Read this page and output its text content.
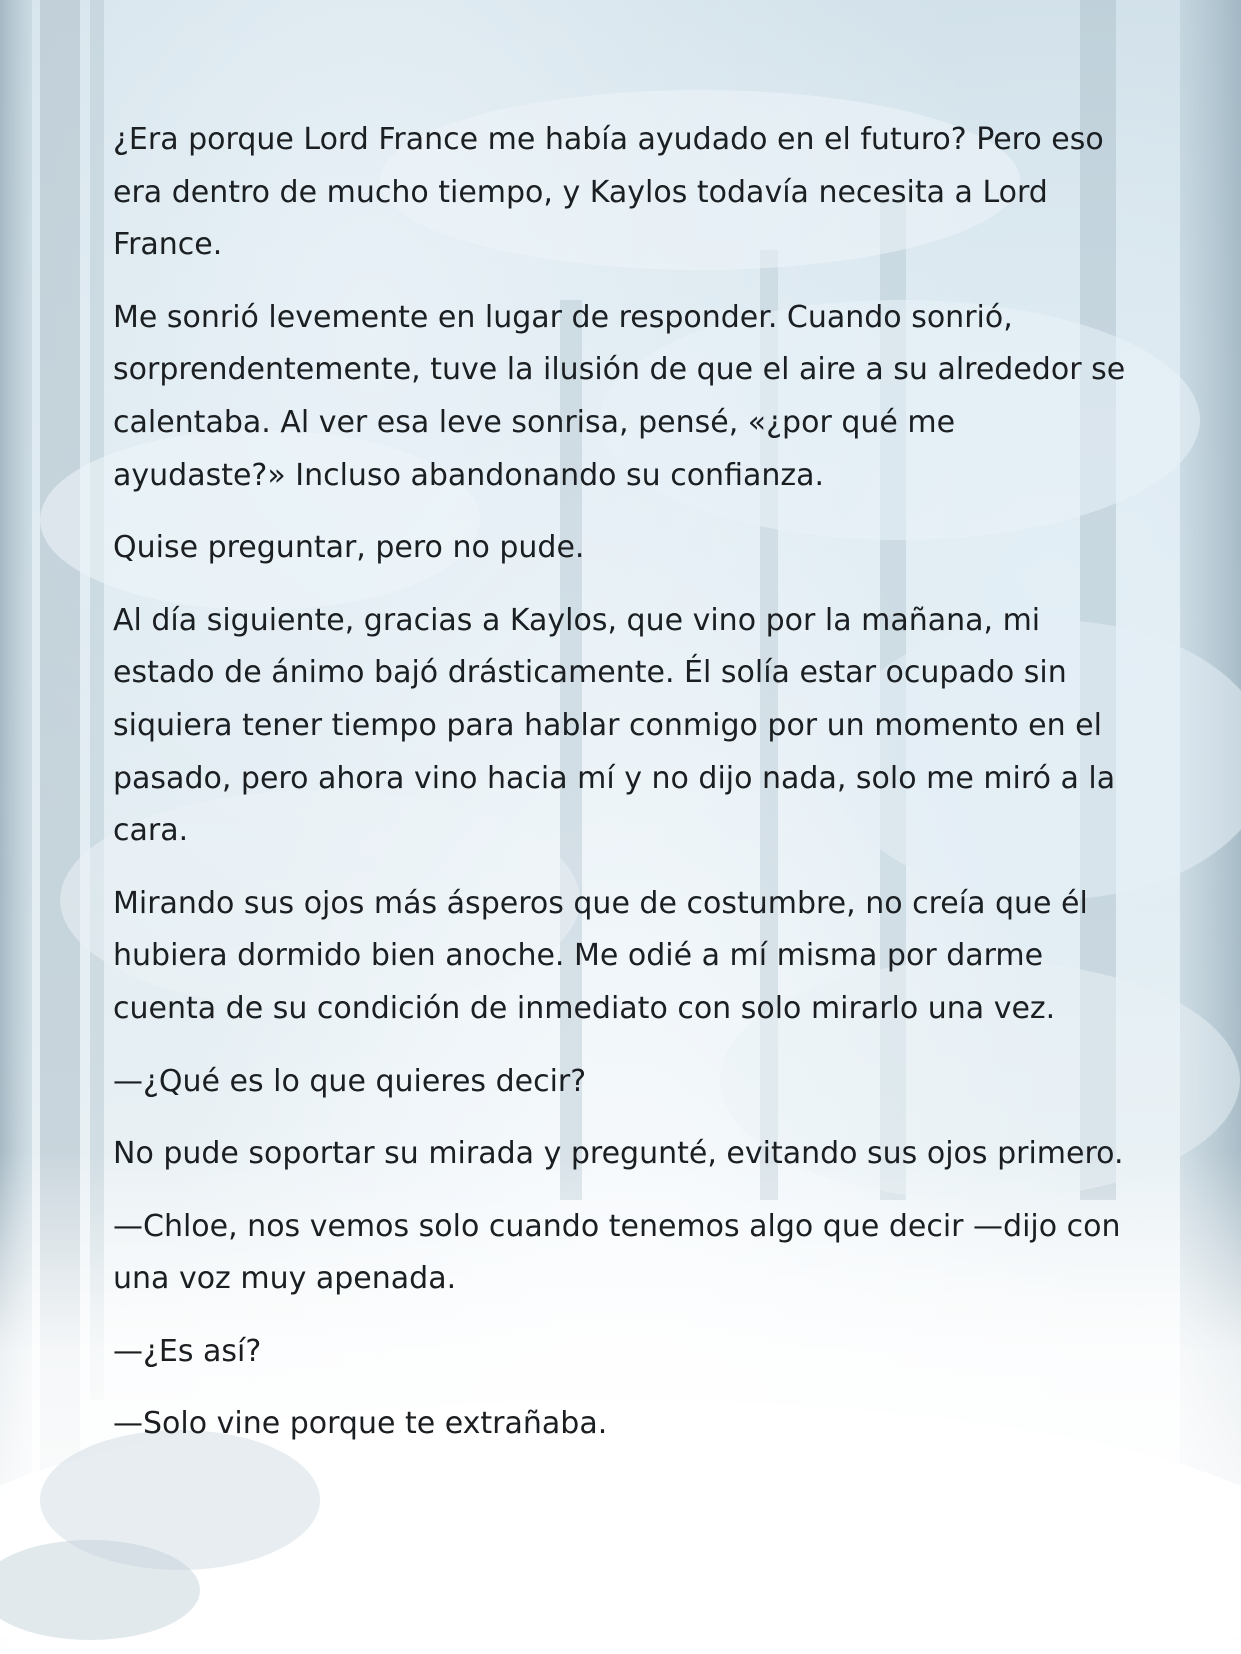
¿Era porque Lord France me había ayudado en el futuro? Pero eso era dentro de mucho tiempo, y Kaylos todavía necesita a Lord France.

Me sonrió levemente en lugar de responder. Cuando sonrió, sorprendentemente, tuve la ilusión de que el aire a su alrededor se calentaba. Al ver esa leve sonrisa, pensé, «¿por qué me ayudaste?» Incluso abandonando su confianza.

Quise preguntar, pero no pude.

Al día siguiente, gracias a Kaylos, que vino por la mañana, mi estado de ánimo bajó drásticamente. Él solía estar ocupado sin siquiera tener tiempo para hablar conmigo por un momento en el pasado, pero ahora vino hacia mí y no dijo nada, solo me miró a la cara.

Mirando sus ojos más ásperos que de costumbre, no creía que él hubiera dormido bien anoche. Me odié a mí misma por darme cuenta de su condición de inmediato con solo mirarlo una vez.

—¿Qué es lo que quieres decir?

No pude soportar su mirada y pregunté, evitando sus ojos primero.

—Chloe, nos vemos solo cuando tenemos algo que decir —dijo con una voz muy apenada.

—¿Es así?

—Solo vine porque te extrañaba.
